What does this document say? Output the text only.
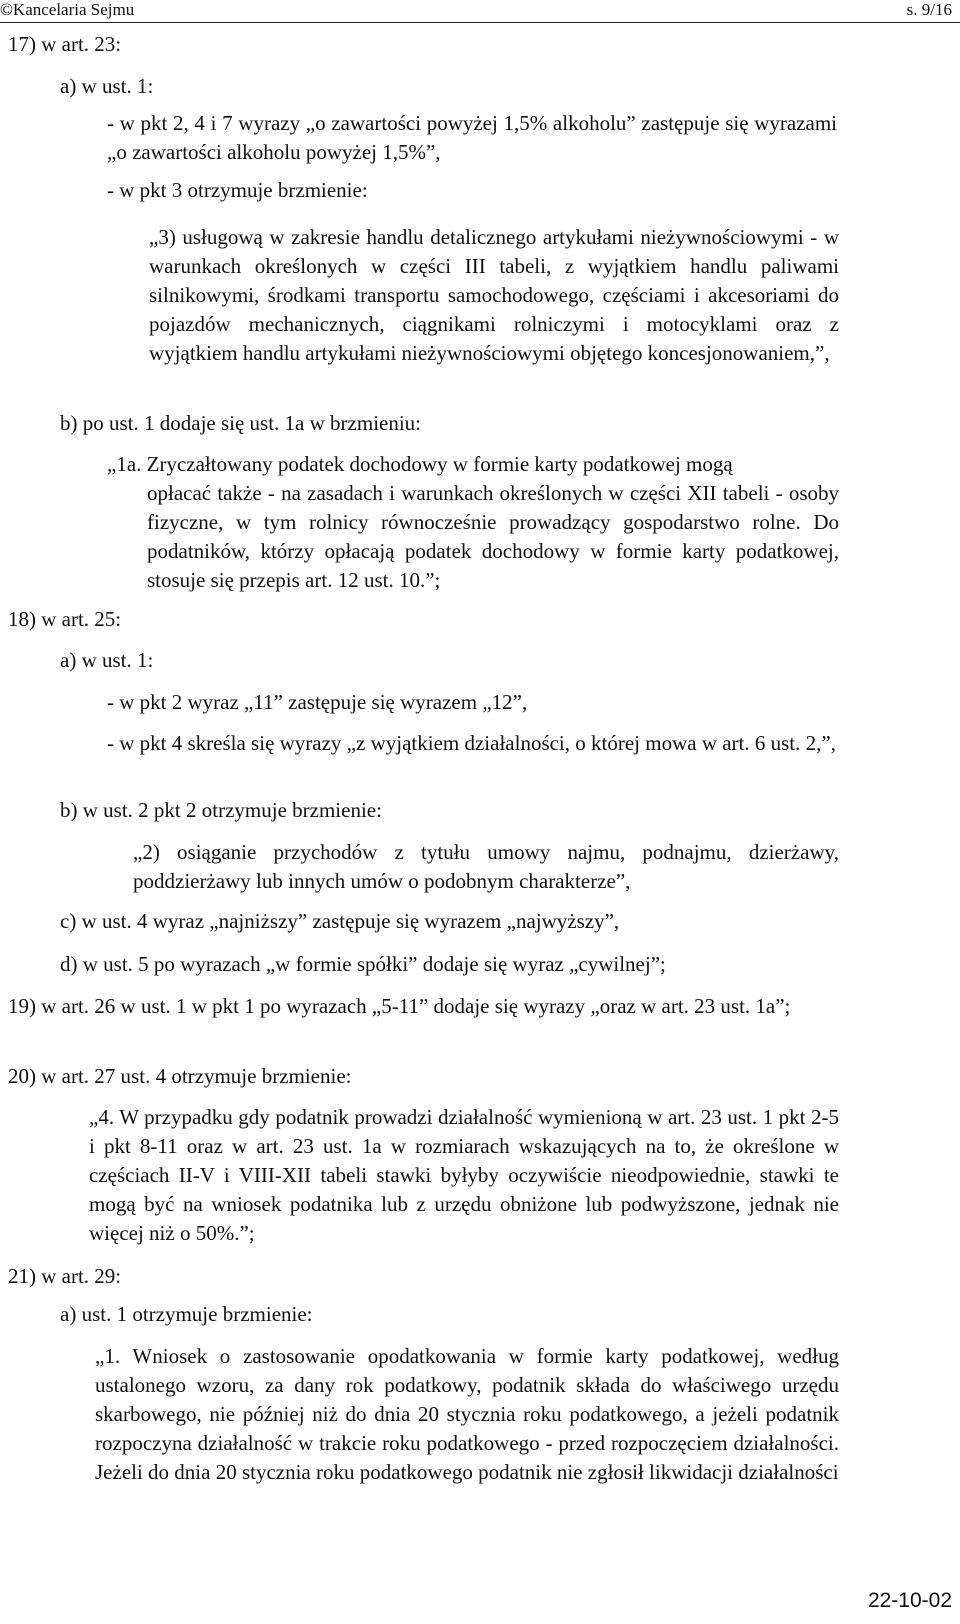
©Kancelaria Sejmu	s. 9/16
17) w art. 23:
a) w ust. 1:
- w pkt 2, 4 i 7 wyrazy „o zawartości powyżej 1,5% alkoholu” zastępuje się wyrazami „o zawartości alkoholu powyżej 1,5%”,
- w pkt 3 otrzymuje brzmienie:
„3) usługową w zakresie handlu detalicznego artykułami nieżywnościowymi - w warunkach określonych w części III tabeli, z wyjątkiem handlu paliwami silnikowymi, środkami transportu samochodowego, częściami i akcesoriami do pojazdów mechanicznych, ciągnikami rolniczymi i motocyklami oraz z wyjątkiem handlu artykułami nieżywnościowymi objętego koncesjonowaniem,”,
b) po ust. 1 dodaje się ust. 1a w brzmieniu:
„1a. Zryczałtowany podatek dochodowy w formie karty podatkowej mogą
opłacać także - na zasadach i warunkach określonych w części XII tabeli - osoby fizyczne, w tym rolnicy równocześnie prowadzący gospodarstwo rolne. Do podatników, którzy opłacają podatek dochodowy w formie karty podatkowej, stosuje się przepis art. 12 ust. 10.”;
18) w art. 25:
a) w ust. 1:
- w pkt 2 wyraz „11” zastępuje się wyrazem „12”,
- w pkt 4 skreśla się wyrazy „z wyjątkiem działalności, o której mowa w art. 6 ust. 2,”,
b) w ust. 2 pkt 2 otrzymuje brzmienie:
„2) osiąganie przychodów z tytułu umowy najmu, podnajmu, dzierżawy, poddzierżawy lub innych umów o podobnym charakterze”,
c) w ust. 4 wyraz „najniższy” zastępuje się wyrazem „najwyższy”,
d) w ust. 5 po wyrazach „w formie spółki” dodaje się wyraz „cywilnej”;
19) w art. 26 w ust. 1 w pkt 1 po wyrazach „5-11” dodaje się wyrazy „oraz w art. 23 ust. 1a”;
20) w art. 27 ust. 4 otrzymuje brzmienie:
„4. W przypadku gdy podatnik prowadzi działalność wymienioną w art. 23 ust. 1 pkt 2-5 i pkt 8-11 oraz w art. 23 ust. 1a w rozmiarach wskazujących na to, że określone w częściach II-V i VIII-XII tabeli stawki byłyby oczywiście nieodpowiednie, stawki te mogą być na wniosek podatnika lub z urzędu obniżone lub podwyższone, jednak nie więcej niż o 50%.”;
21) w art. 29:
a) ust. 1 otrzymuje brzmienie:
„1. Wniosek o zastosowanie opodatkowania w formie karty podatkowej, według ustalonego wzoru, za dany rok podatkowy, podatnik składa do właściwego urzędu skarbowego, nie później niż do dnia 20 stycznia roku podatkowego, a jeżeli podatnik rozpoczyna działalność w trakcie roku podatkowego - przed rozpoczęciem działalności. Jeżeli do dnia 20 stycznia roku podatkowego podatnik nie zgłosił likwidacji działalności
22-10-02
